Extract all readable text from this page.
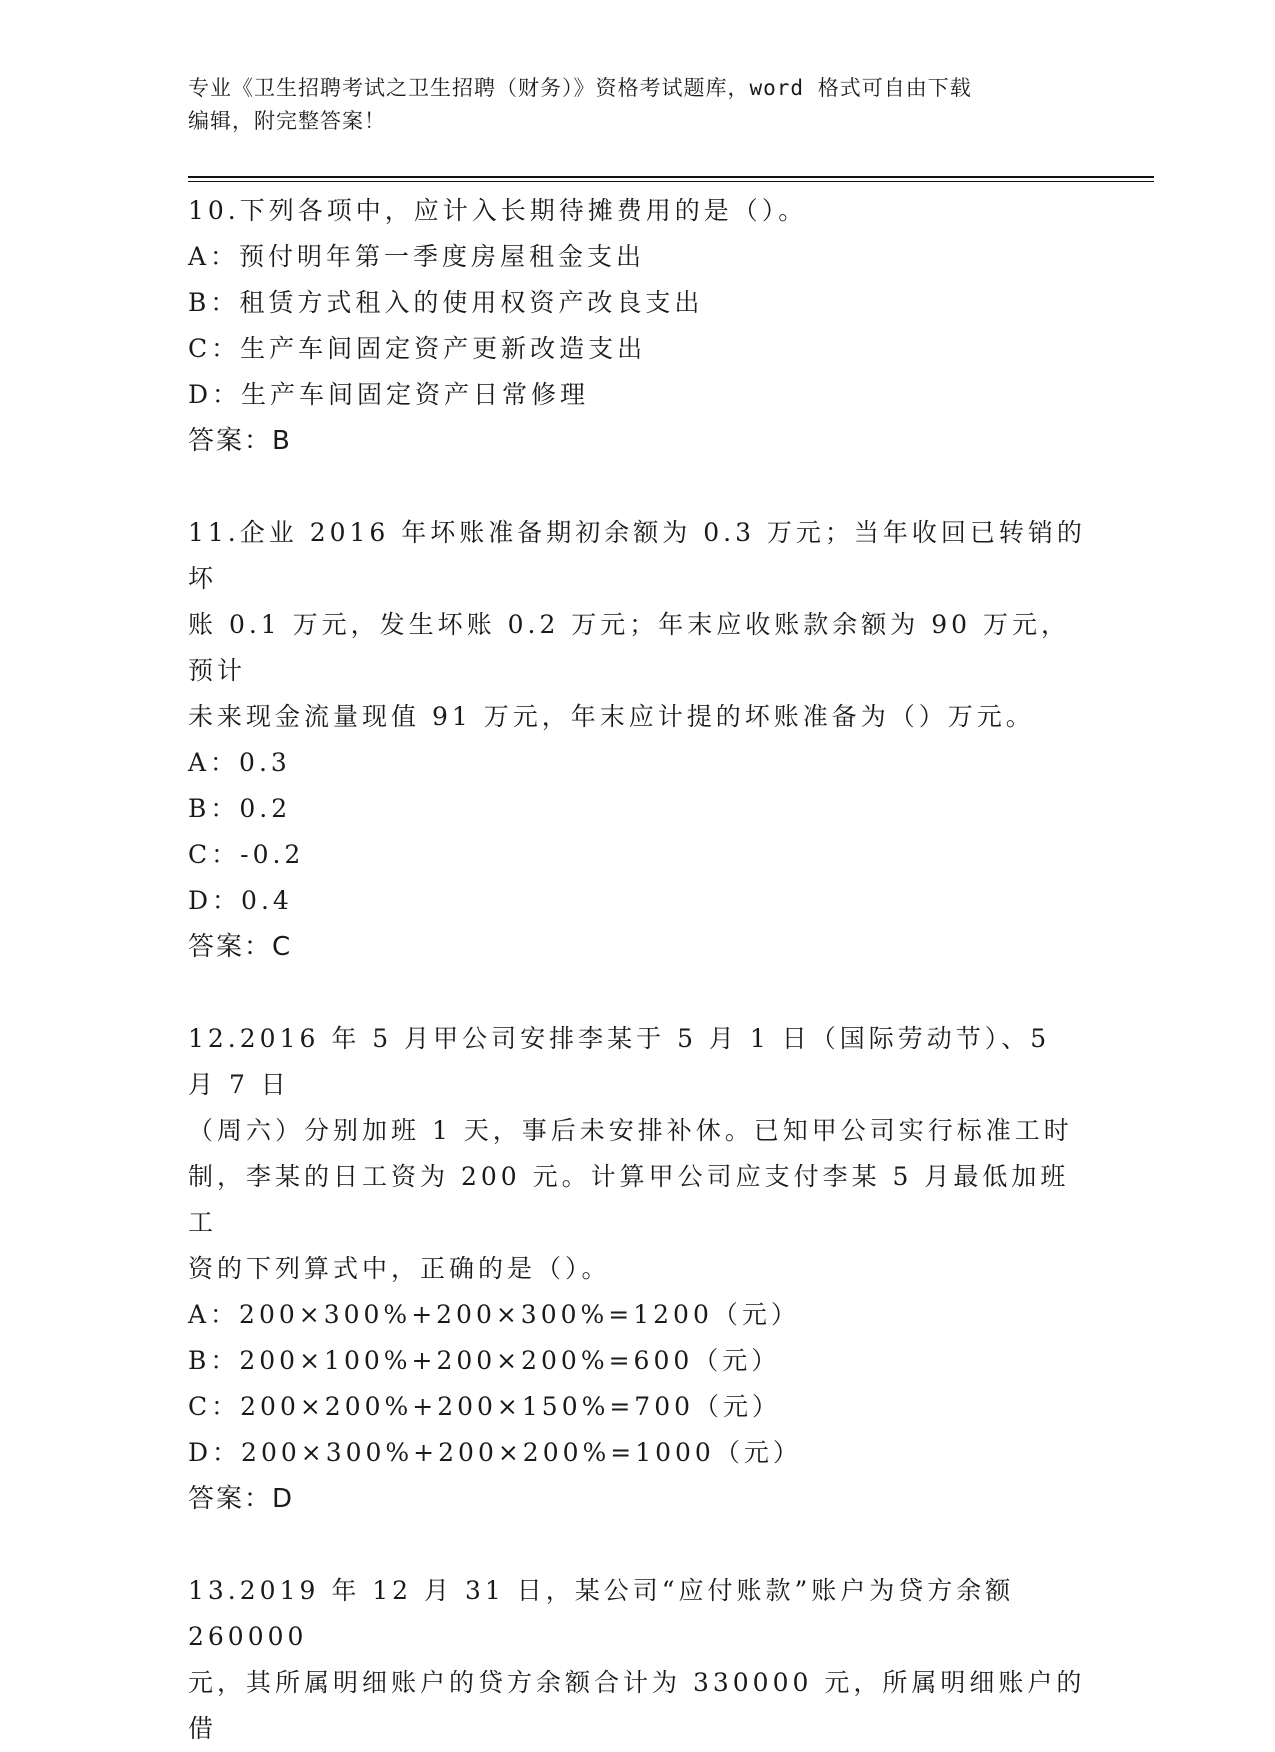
专业《卫生招聘考试之卫生招聘（财务）》资格考试题库，word 格式可自由下载
编辑，附完整答案！

10.下列各项中，应计入长期待摊费用的是（）。

A：预付明年第一季度房屋租金支出

B：租赁方式租入的使用权资产改良支出

C：生产车间固定资产更新改造支出

D：生产车间固定资产日常修理

答案：B

11.企业 2016 年坏账准备期初余额为 0.3 万元；当年收回已转销的坏

账 0.1 万元，发生坏账 0.2 万元；年末应收账款余额为 90 万元，预计

未来现金流量现值 91 万元，年末应计提的坏账准备为（）万元。

A：0.3

B：0.2

C：-0.2

D：0.4

答案：C

12.2016 年 5 月甲公司安排李某于 5 月 1 日（国际劳动节）、5 月 7 日

（周六）分别加班 1 天，事后未安排补休。已知甲公司实行标准工时

制，李某的日工资为 200 元。计算甲公司应支付李某 5 月最低加班工

资的下列算式中，正确的是（）。

A：200×300%+200×300%=1200（元）

B：200×100%+200×200%=600（元）

C：200×200%+200×150%=700（元）

D：200×300%+200×200%=1000（元）

答案：D

13.2019 年 12 月 31 日，某公司“应付账款”账户为贷方余额 260000

元，其所属明细账户的贷方余额合计为 330000 元，所属明细账户的借
